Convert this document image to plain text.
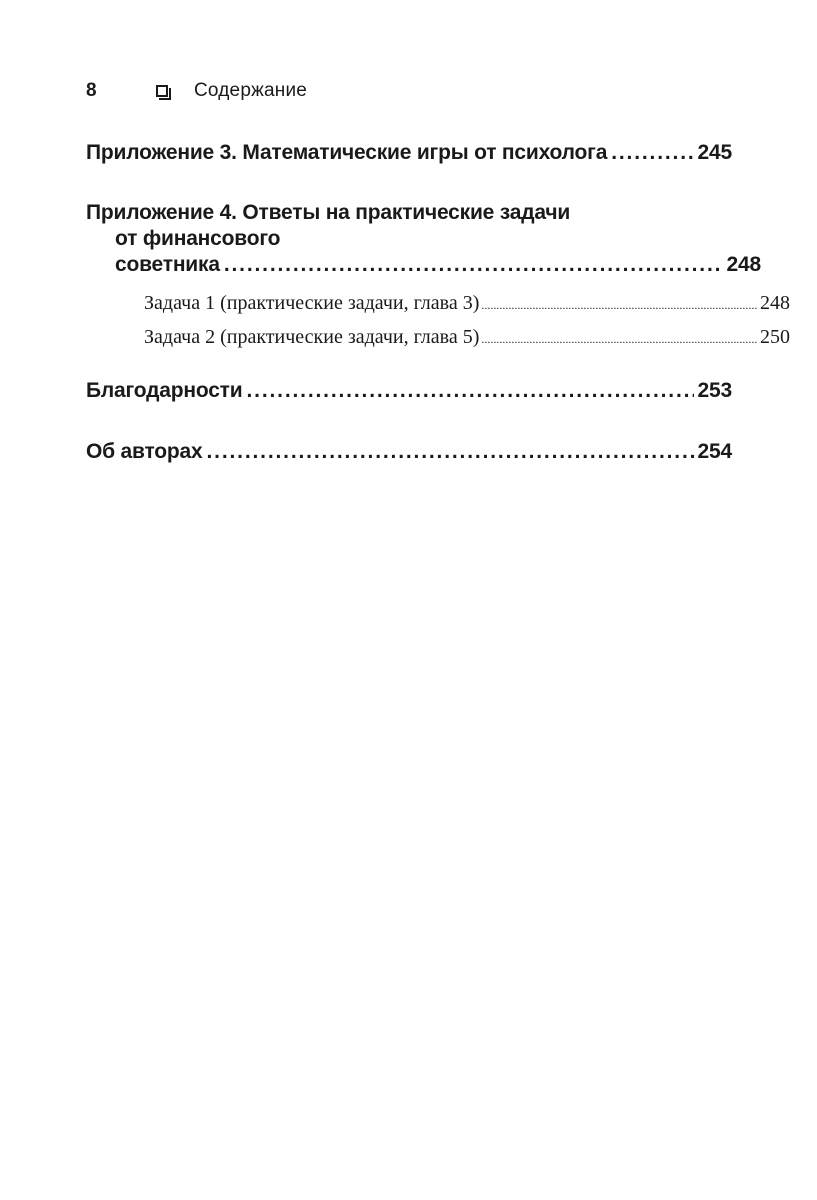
8	Содержание
Приложение 3. Математические игры от психолога . . .	245
Приложение 4. Ответы на практические задачи
от финансового
советника . . .	248
Задача 1 (практические задачи, глава 3) .....	248
Задача 2 (практические задачи, глава 5) .....	250
Благодарности . . .	253
Об авторах . . .	254
